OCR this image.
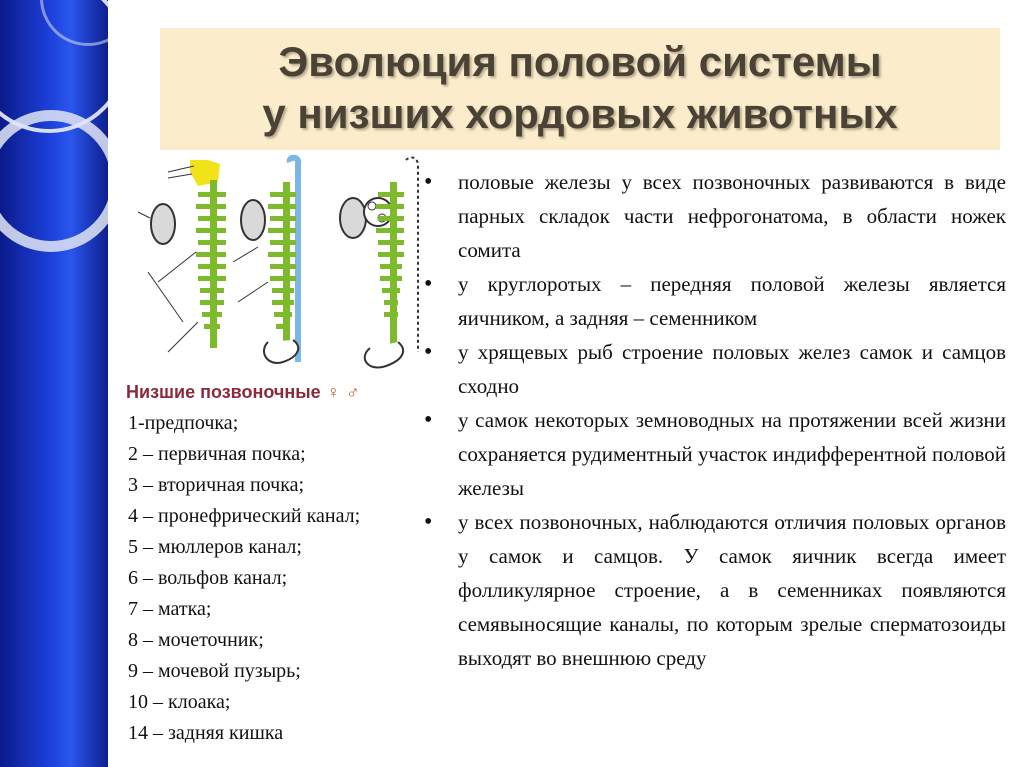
Эволюция половой системы
у низших хордовых животных
Низшие позвоночные ♀ ♂
1-предпочка;
2 – первичная почка;
3 – вторичная почка;
4 – пронефрический канал;
5 – мюллеров канал;
6 – вольфов канал;
7 – матка;
8 – мочеточник;
9 – мочевой пузырь;
10 – клоака;
14 – задняя кишка
• половые железы у всех позвоночных развиваются в виде парных складок части нефрогонатома, в области ножек сомита
• у круглоротых – передняя половой железы является яичником, а задняя – семенником
• у хрящевых рыб строение половых желез самок и самцов сходно
• у самок некоторых земноводных на протяжении всей жизни сохраняется рудиментный участок индифферентной половой железы
• у всех позвоночных, наблюдаются отличия половых органов у самок и самцов. У самок яичник всегда имеет фолликулярное строение, а в семенниках появляются семявыносящие каналы, по которым зрелые сперматозоиды выходят во внешнюю среду
